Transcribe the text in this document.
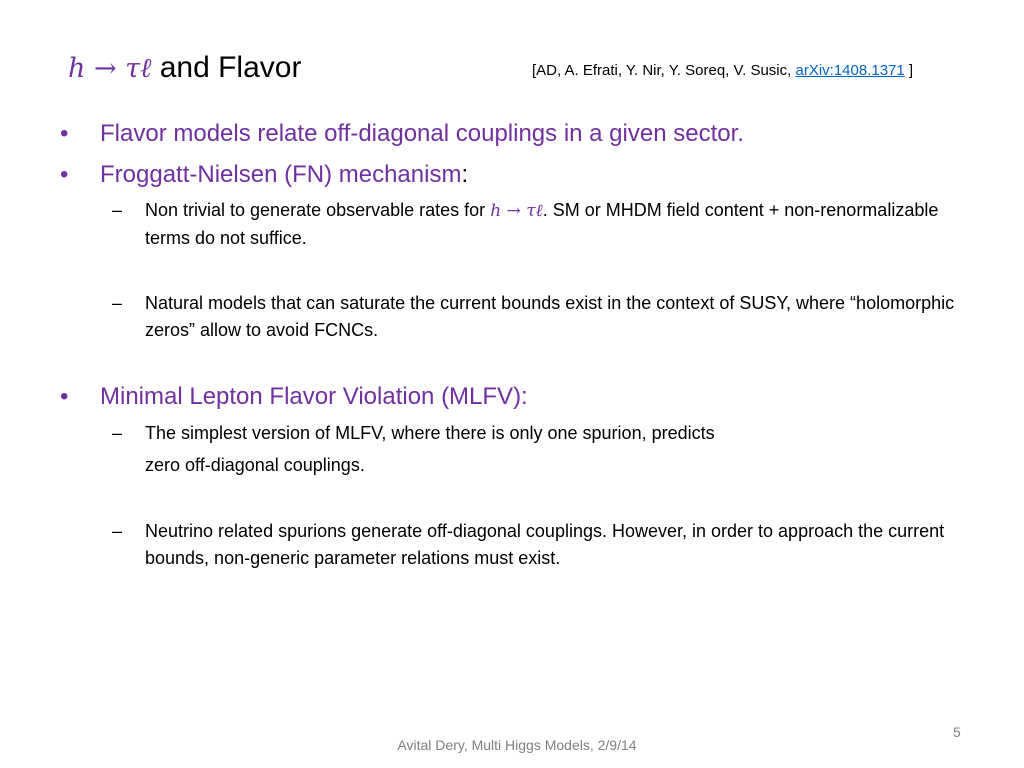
h → τℓ and Flavor	[AD, A. Efrati, Y. Nir, Y. Soreq, V. Susic, arXiv:1408.1371 ]
• Flavor models relate off-diagonal couplings in a given sector.
• Froggatt-Nielsen (FN) mechanism:
– Non trivial to generate observable rates for h → τℓ. SM or MHDM field content + non-renormalizable terms do not suffice.
– Natural models that can saturate the current bounds exist in the context of SUSY, where “holomorphic zeros” allow to avoid FCNCs.
• Minimal Lepton Flavor Violation (MLFV):
– The simplest version of MLFV, where there is only one spurion, predicts
zero off-diagonal couplings.
– Neutrino related spurions generate off-diagonal couplings. However, in order to approach the current bounds, non-generic parameter relations must exist.
Avital Dery, Multi Higgs Models, 2/9/14
5
